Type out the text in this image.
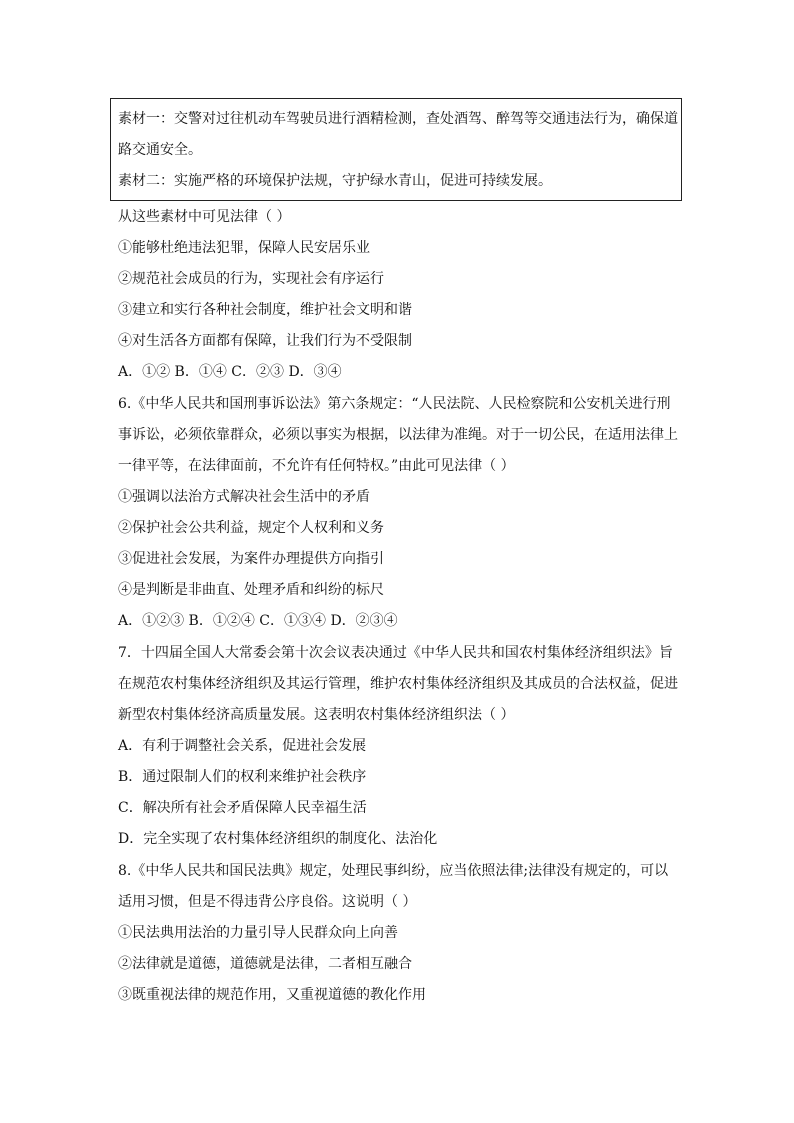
素材一：交警对过往机动车驾驶员进行酒精检测，查处酒驾、醉驾等交通违法行为，确保道
路交通安全。
素材二：实施严格的环境保护法规，守护绿水青山，促进可持续发展。
从这些素材中可见法律（ ）
①能够杜绝违法犯罪，保障人民安居乐业
②规范社会成员的行为，实现社会有序运行
③建立和实行各种社会制度，维护社会文明和谐
④对生活各方面都有保障，让我们行为不受限制
A．①② B．①④ C．②③ D．③④
6.《中华人民共和国刑事诉讼法》第六条规定：“人民法院、人民检察院和公安机关进行刑
事诉讼，必须依靠群众，必须以事实为根据，以法律为准绳。对于一切公民，在适用法律上
一律平等，在法律面前，不允许有任何特权。”由此可见法律（ ）
①强调以法治方式解决社会生活中的矛盾
②保护社会公共利益，规定个人权利和义务
③促进社会发展，为案件办理提供方向指引
④是判断是非曲直、处理矛盾和纠纷的标尺
A．①②③ B．①②④ C．①③④ D．②③④
7．十四届全国人大常委会第十次会议表决通过《中华人民共和国农村集体经济组织法》旨
在规范农村集体经济组织及其运行管理，维护农村集体经济组织及其成员的合法权益，促进
新型农村集体经济高质量发展。这表明农村集体经济组织法（ ）
A．有利于调整社会关系，促进社会发展
B．通过限制人们的权利来维护社会秩序
C．解决所有社会矛盾保障人民幸福生活
D．完全实现了农村集体经济组织的制度化、法治化
8.《中华人民共和国民法典》规定，处理民事纠纷，应当依照法律;法律没有规定的，可以
适用习惯，但是不得违背公序良俗。这说明（ ）
①民法典用法治的力量引导人民群众向上向善
②法律就是道德，道德就是法律，二者相互融合
③既重视法律的规范作用，又重视道德的教化作用
